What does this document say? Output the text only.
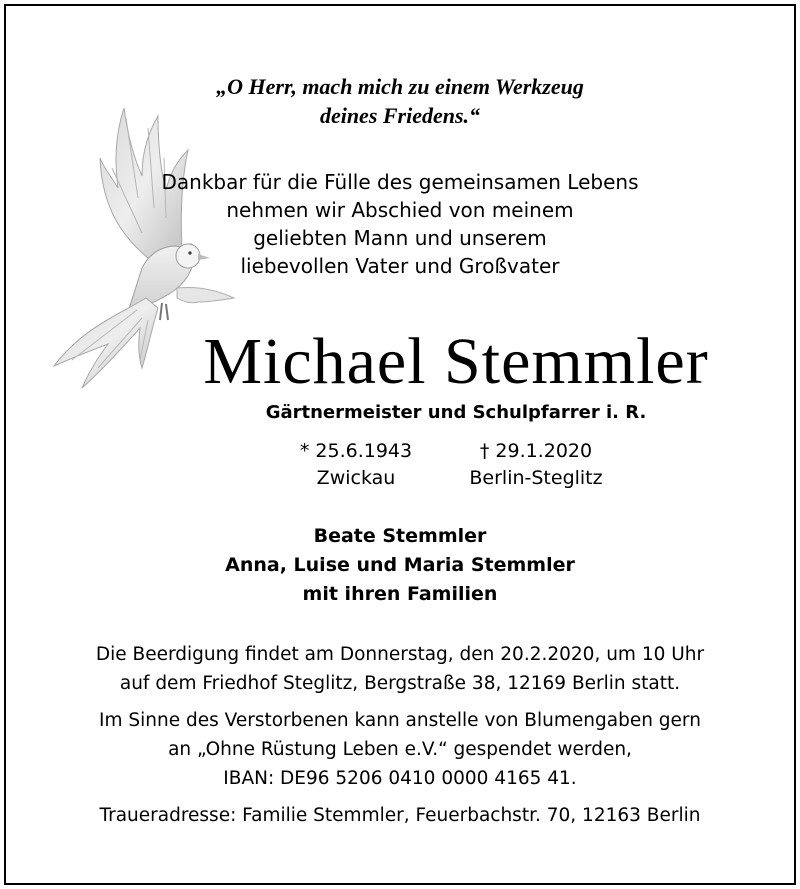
„O Herr, mach mich zu einem Werkzeug
deines Friedens.“
Dankbar für die Fülle des gemeinsamen Lebens
nehmen wir Abschied von meinem
geliebten Mann und unserem
liebevollen Vater und Großvater
Michael Stemmler
Gärtnermeister und Schulpfarrer i. R.
* 25.6.1943
Zwickau
† 29.1.2020
Berlin-Steglitz
Beate Stemmler
Anna, Luise und Maria Stemmler
mit ihren Familien
Die Beerdigung findet am Donnerstag, den 20.2.2020, um 10 Uhr
auf dem Friedhof Steglitz, Bergstraße 38, 12169 Berlin statt.
Im Sinne des Verstorbenen kann anstelle von Blumengaben gern
an „Ohne Rüstung Leben e.V.“ gespendet werden,
IBAN: DE96 5206 0410 0000 4165 41.
Traueradresse: Familie Stemmler, Feuerbachstr. 70, 12163 Berlin
